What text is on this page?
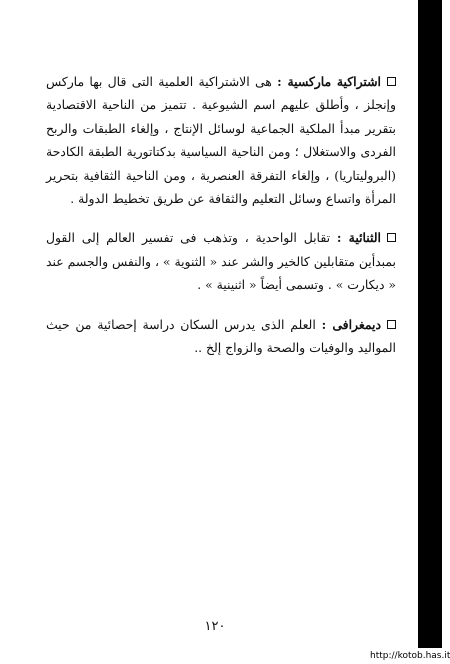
اشتراكية ماركسية : هى الاشتراكية العلمية التى قال بها ماركس وإنجلز ، وأطلق عليهم اسم الشيوعية . تتميز من الناحية الاقتصادية بتقرير مبدأ الملكية الجماعية لوسائل الإنتاج ، وإلغاء الطبقات والربح الفردى والاستغلال ؛ ومن الناحية السياسية بدكتاتورية الطبقة الكادحة (البروليتاريا) ، وإلغاء التفرقة العنصرية ، ومن الناحية الثقافية بتحرير المرأة واتساع وسائل التعليم والثقافة عن طريق تخطيط الدولة .

الثنائية : تقابل الواحدية ، وتذهب فى تفسير العالم إلى القول بمبدأين متقابلين كالخير والشر عند « الثنوية » ، والنفس والجسم عند « ديكارت » . وتسمى أيضاً « اثنينية » .

ديمغرافى : العلم الذى يدرس السكان دراسة إحصائية من حيث المواليد والوفيات والصحة والزواج إلخ ..

١٢٠
http://kotob.has.it
